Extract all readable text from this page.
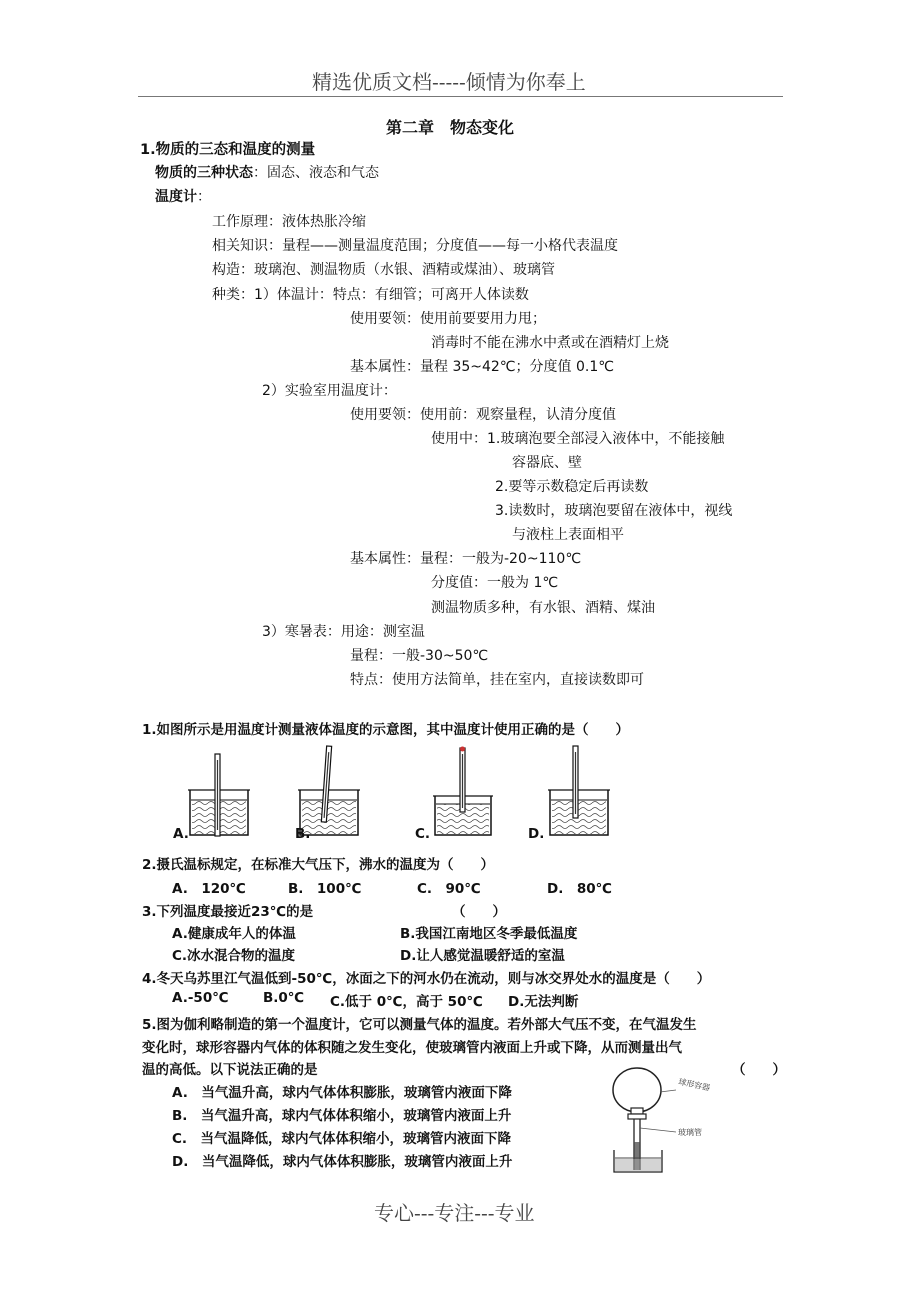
精选优质文档-----倾情为你奉上
第二章　物态变化
1.物质的三态和温度的测量
物质的三种状态：固态、液态和气态
温度计：
工作原理：液体热胀冷缩
相关知识：量程——测量温度范围；分度值——每一小格代表温度
构造：玻璃泡、测温物质（水银、酒精或煤油）、玻璃管
种类：1）体温计：特点：有细管；可离开人体读数
使用要领：使用前要要用力甩；
消毒时不能在沸水中煮或在酒精灯上烧
基本属性：量程 35~42℃；分度值 0.1℃
2）实验室用温度计：
使用要领：使用前：观察量程，认清分度值
使用中：1.玻璃泡要全部浸入液体中，不能接触
容器底、壁
2.要等示数稳定后再读数
3.读数时，玻璃泡要留在液体中，视线
与液柱上表面相平
基本属性：量程：一般为-20~110℃
分度值：一般为 1℃
测温物质多种，有水银、酒精、煤油
3）寒暑表：用途：测室温
量程：一般-30~50℃
特点：使用方法简单，挂在室内，直接读数即可
1.如图所示是用温度计测量液体温度的示意图，其中温度计使用正确的是（　　）
A.	B.	C.	D.
2.摄氏温标规定，在标准大气压下，沸水的温度为（　　）
A.　120℃	B.　100℃	C.　90℃	D.　80℃
3.下列温度最接近23℃的是	（　　）
A.健康成年人的体温	B.我国江南地区冬季最低温度
C.冰水混合物的温度	D.让人感觉温暖舒适的室温
4.冬天乌苏里江气温低到-50℃，冰面之下的河水仍在流动，则与冰交界处水的温度是（　　）
A.-50℃	B.0℃ C.低于 0℃，高于 50℃ D.无法判断
5.图为伽利略制造的第一个温度计，它可以测量气体的温度。若外部大气压不变，在气温发生
变化时，球形容器内气体的体积随之发生变化，使玻璃管内液面上升或下降，从而测量出气
温的高低。以下说法正确的是	（　　）
A.　当气温升高，球内气体体积膨胀，玻璃管内液面下降
B.　当气温升高，球内气体体积缩小，玻璃管内液面上升
C.　当气温降低，球内气体体积缩小，玻璃管内液面下降
D.　当气温降低，球内气体体积膨胀，玻璃管内液面上升
球形容器
玻璃管
专心---专注---专业
